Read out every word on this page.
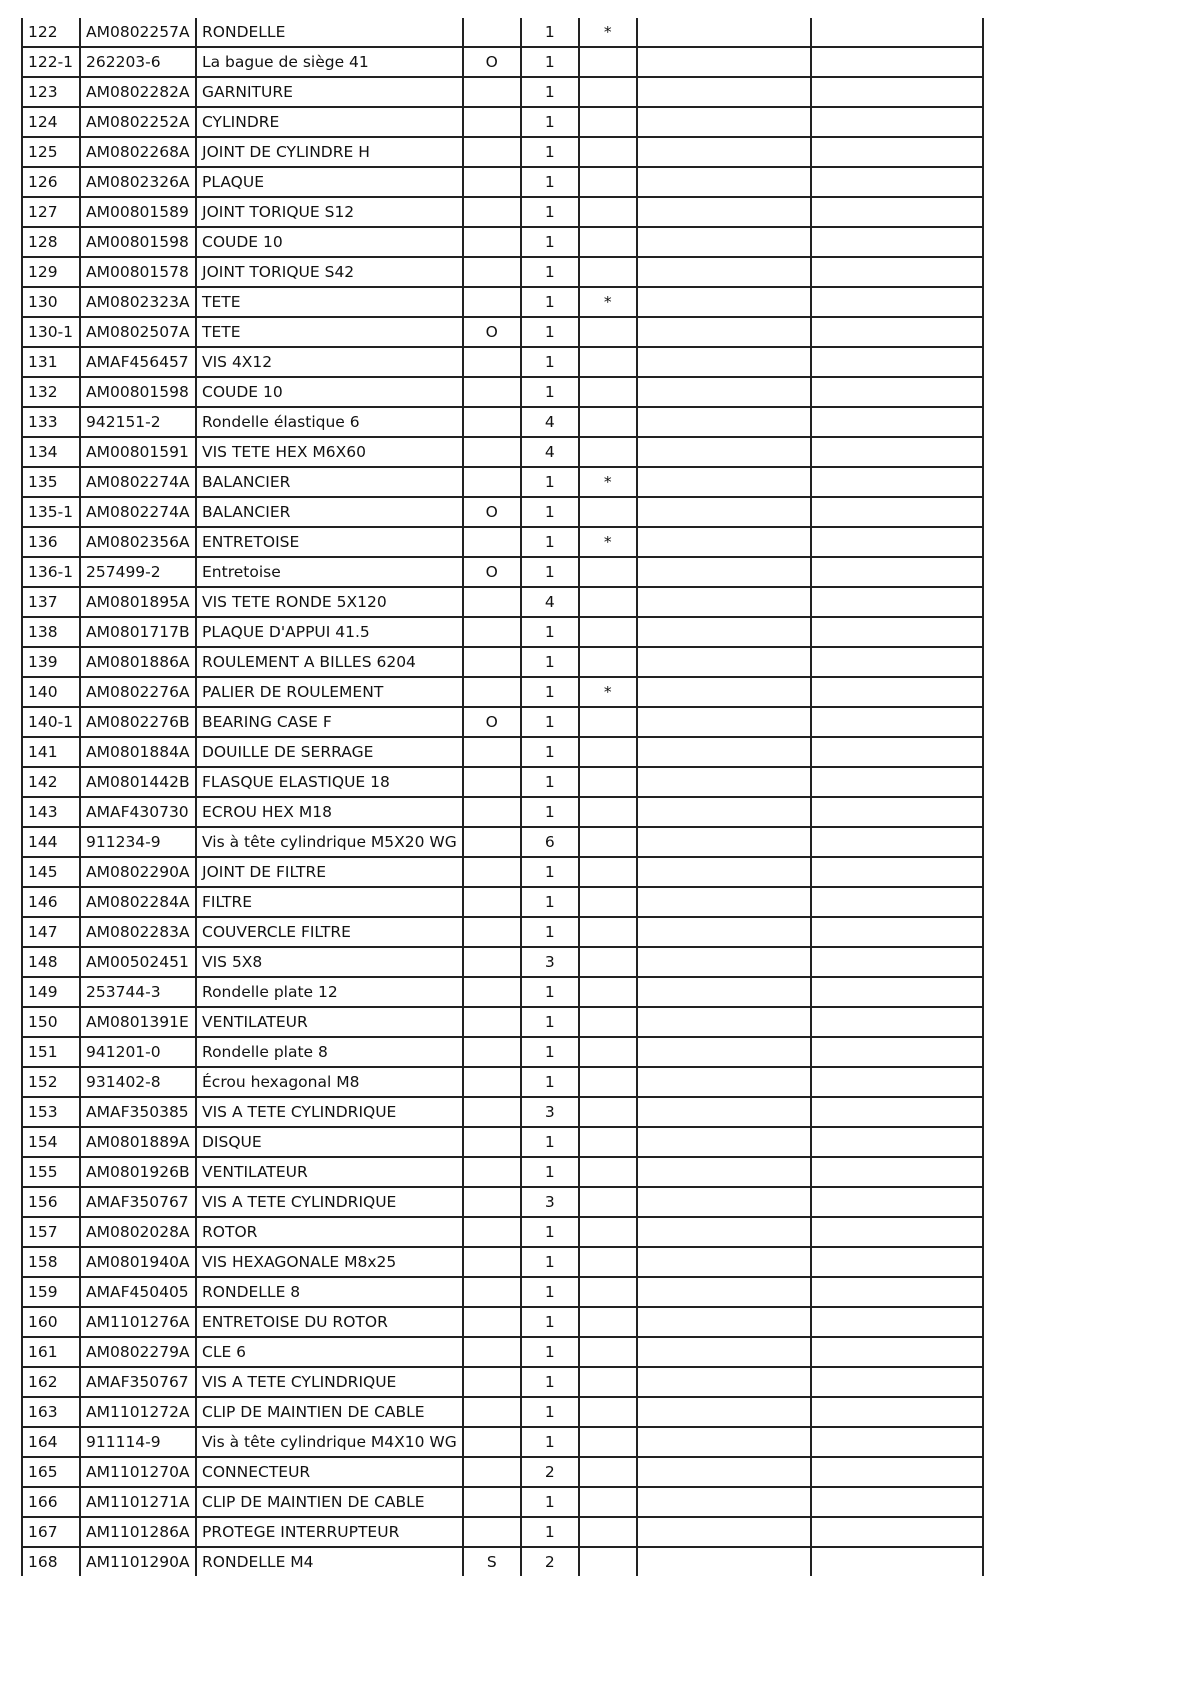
122	AM0802257A	RONDELLE		1	*		
122-1	262203-6	La bague de siège 41	O	1			
123	AM0802282A	GARNITURE		1			
124	AM0802252A	CYLINDRE		1			
125	AM0802268A	JOINT DE CYLINDRE H		1			
126	AM0802326A	PLAQUE		1			
127	AM00801589	JOINT TORIQUE S12		1			
128	AM00801598	COUDE 10		1			
129	AM00801578	JOINT TORIQUE S42		1			
130	AM0802323A	TETE		1	*		
130-1	AM0802507A	TETE	O	1			
131	AMAF456457	VIS 4X12		1			
132	AM00801598	COUDE 10		1			
133	942151-2	Rondelle élastique 6		4			
134	AM00801591	VIS TETE HEX M6X60		4			
135	AM0802274A	BALANCIER		1	*		
135-1	AM0802274A	BALANCIER	O	1			
136	AM0802356A	ENTRETOISE		1	*		
136-1	257499-2	Entretoise	O	1			
137	AM0801895A	VIS TETE RONDE 5X120		4			
138	AM0801717B	PLAQUE D'APPUI 41.5		1			
139	AM0801886A	ROULEMENT A BILLES 6204		1			
140	AM0802276A	PALIER DE ROULEMENT		1	*		
140-1	AM0802276B	BEARING CASE F	O	1			
141	AM0801884A	DOUILLE DE SERRAGE		1			
142	AM0801442B	FLASQUE ELASTIQUE 18		1			
143	AMAF430730	ECROU HEX M18		1			
144	911234-9	Vis à tête cylindrique M5X20 WG		6			
145	AM0802290A	JOINT DE FILTRE		1			
146	AM0802284A	FILTRE		1			
147	AM0802283A	COUVERCLE FILTRE		1			
148	AM00502451	VIS 5X8		3			
149	253744-3	Rondelle plate 12		1			
150	AM0801391E	VENTILATEUR		1			
151	941201-0	Rondelle plate 8		1			
152	931402-8	Écrou hexagonal M8		1			
153	AMAF350385	VIS A TETE CYLINDRIQUE		3			
154	AM0801889A	DISQUE		1			
155	AM0801926B	VENTILATEUR		1			
156	AMAF350767	VIS A TETE CYLINDRIQUE		3			
157	AM0802028A	ROTOR		1			
158	AM0801940A	VIS HEXAGONALE M8x25		1			
159	AMAF450405	RONDELLE 8		1			
160	AM1101276A	ENTRETOISE DU ROTOR		1			
161	AM0802279A	CLE 6		1			
162	AMAF350767	VIS A TETE CYLINDRIQUE		1			
163	AM1101272A	CLIP DE MAINTIEN DE CABLE		1			
164	911114-9	Vis à tête cylindrique M4X10 WG		1			
165	AM1101270A	CONNECTEUR		2			
166	AM1101271A	CLIP DE MAINTIEN DE CABLE		1			
167	AM1101286A	PROTEGE INTERRUPTEUR		1			
168	AM1101290A	RONDELLE M4	S	2			
